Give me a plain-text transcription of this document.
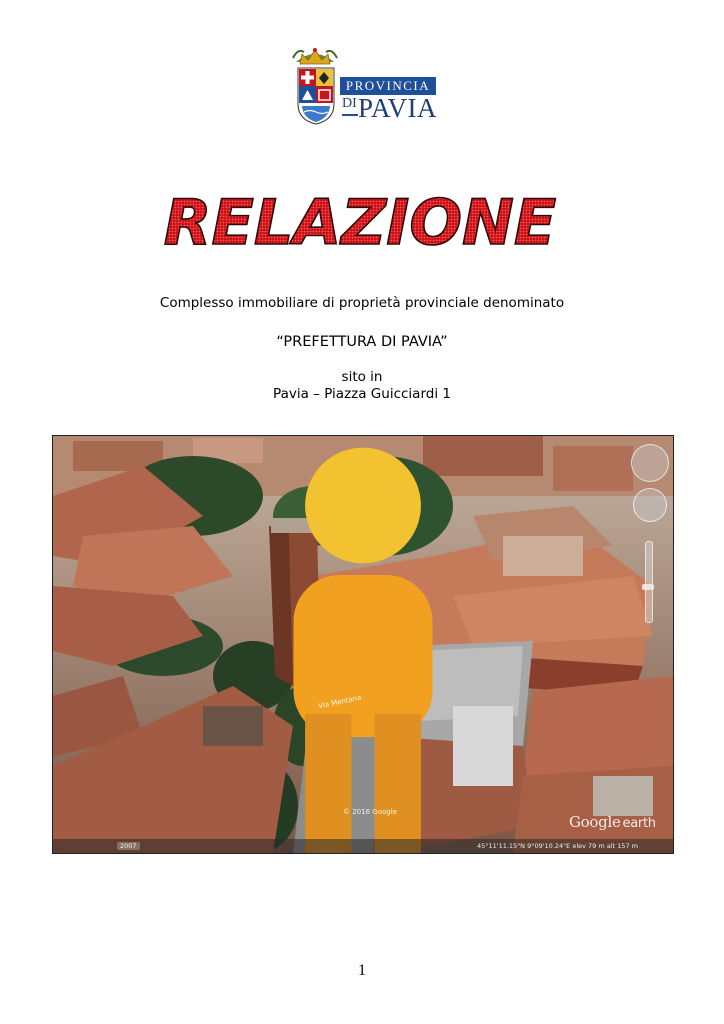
PROVINCIA
DI PAVIA
RELAZIONE
Complesso immobiliare di proprietà provinciale denominato
“PREFETTURA DI PAVIA”
sito in
Pavia – Piazza Guicciardi 1
Via Mentana
© 2016 Google
Google earth
2007	45°11'11.15"N 9°09'10.24"E elev 79 m alt 157 m
1
